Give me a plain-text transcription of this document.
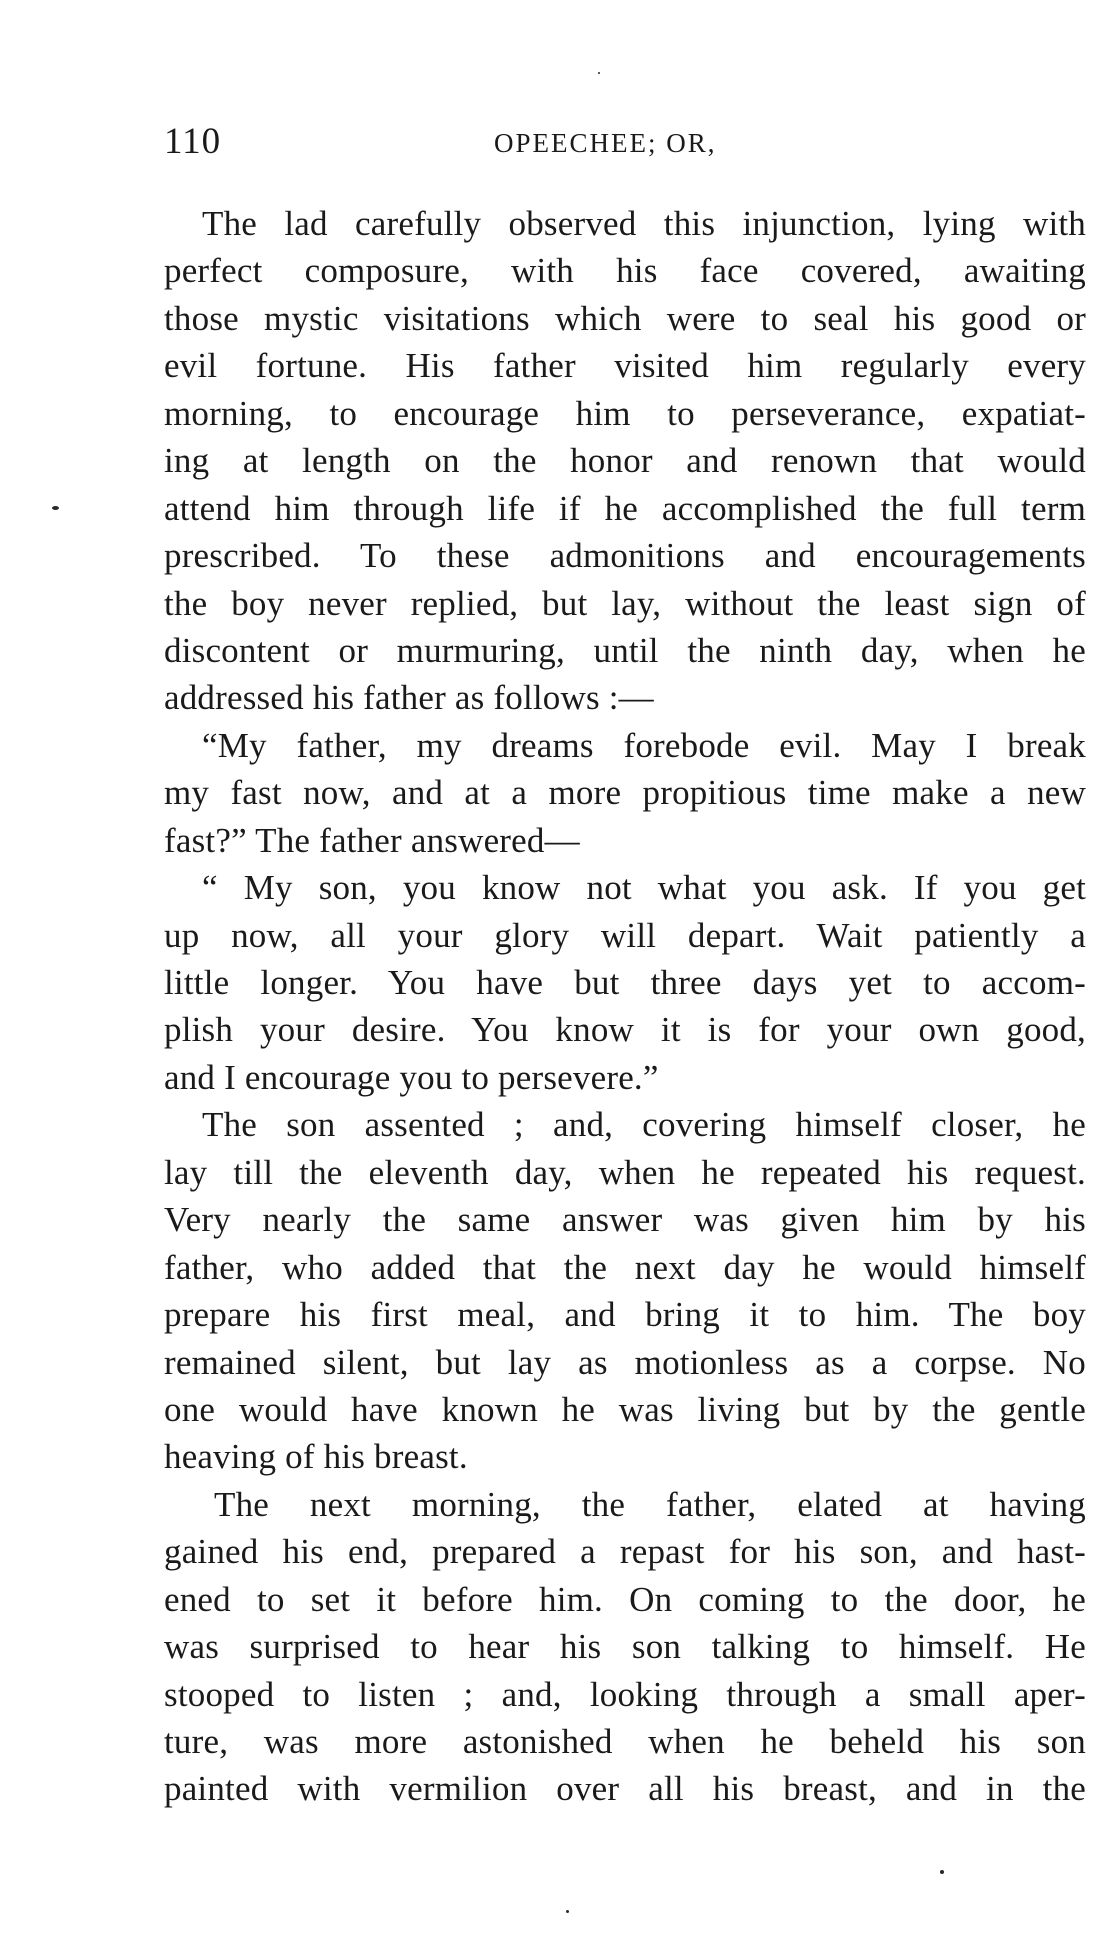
110	OPEECHEE; OR,
The lad carefully observed this injunction, lying with
perfect composure, with his face covered, awaiting
those mystic visitations which were to seal his good or
evil fortune. His father visited him regularly every
morning, to encourage him to perseverance, expatiat-
ing at length on the honor and renown that would
attend him through life if he accomplished the full term
prescribed. To these admonitions and encouragements
the boy never replied, but lay, without the least sign of
discontent or murmuring, until the ninth day, when he
addressed his father as follows :—
“My father, my dreams forebode evil. May I break
my fast now, and at a more propitious time make a new
fast?” The father answered—
“ My son, you know not what you ask. If you get
up now, all your glory will depart. Wait patiently a
little longer. You have but three days yet to accom-
plish your desire. You know it is for your own good,
and I encourage you to persevere.”
The son assented ; and, covering himself closer, he
lay till the eleventh day, when he repeated his request.
Very nearly the same answer was given him by his
father, who added that the next day he would himself
prepare his first meal, and bring it to him. The boy
remained silent, but lay as motionless as a corpse. No
one would have known he was living but by the gentle
heaving of his breast.
The next morning, the father, elated at having
gained his end, prepared a repast for his son, and hast-
ened to set it before him. On coming to the door, he
was surprised to hear his son talking to himself. He
stooped to listen ; and, looking through a small aper-
ture, was more astonished when he beheld his son
painted with vermilion over all his breast, and in the
